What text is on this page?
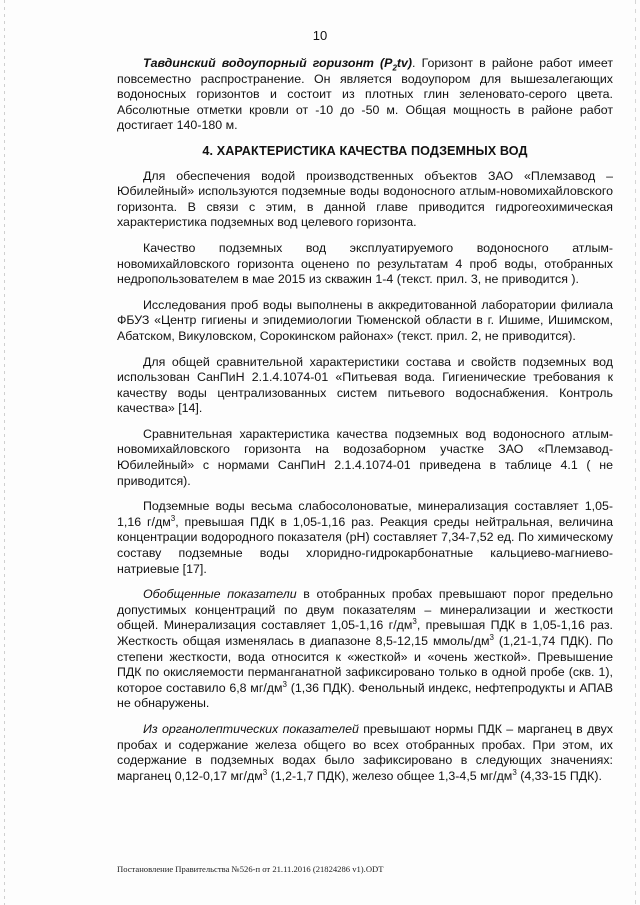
10

Тавдинский водоупорный горизонт $(P_2tv)$. Горизонт в районе работ имеет повсеместно распространение. Он является водоупором для вышезалегающих водоносных горизонтов и состоит из плотных глин зеленовато-серого цвета. Абсолютные отметки кровли от -10 до -50 м. Общая мощность в районе работ достигает 140-180 м.

4. ХАРАКТЕРИСТИКА КАЧЕСТВА ПОДЗЕМНЫХ ВОД

Для обеспечения водой производственных объектов ЗАО «Племзавод – Юбилейный» используются подземные воды водоносного атлым-новомихайловского горизонта. В связи с этим, в данной главе приводится гидрогеохимическая характеристика подземных вод целевого горизонта.

Качество подземных вод эксплуатируемого водоносного атлым-новомихайловского горизонта оценено по результатам 4 проб воды, отобранных недропользователем в мае 2015 из скважин 1-4 (текст. прил. 3, не приводится ).

Исследования проб воды выполнены в аккредитованной лаборатории филиала ФБУЗ «Центр гигиены и эпидемиологии Тюменской области в г. Ишиме, Ишимском, Абатском, Викуловском, Сорокинском районах» (текст. прил. 2, не приводится).

Для общей сравнительной характеристики состава и свойств подземных вод использован СанПиН 2.1.4.1074-01 «Питьевая вода. Гигиенические требования к качеству воды централизованных систем питьевого водоснабжения. Контроль качества» [14].

Сравнительная характеристика качества подземных вод водоносного атлым-новомихайловского горизонта на водозаборном участке ЗАО «Племзавод-Юбилейный» с нормами СанПиН 2.1.4.1074-01 приведена в таблице 4.1 ( не приводится).

Подземные воды весьма слабосолоноватые, минерализация составляет 1,05-1,16 $г/дм^3$, превышая ПДК в 1,05-1,16 раз. Реакция среды нейтральная, величина концентрации водородного показателя (pH) составляет 7,34-7,52 ед. По химическому составу подземные воды хлоридно-гидрокарбонатные кальциево-магниево-натриевые [17].

Обобщенные показатели в отобранных пробах превышают порог предельно допустимых концентраций по двум показателям – минерализации и жесткости общей. Минерализация составляет 1,05-1,16 $г/дм^3$, превышая ПДК в 1,05-1,16 раз. Жесткость общая изменялась в диапазоне 8,5-12,15 ммоль/$дм^3$ (1,21-1,74 ПДК). По степени жесткости, вода относится к «жесткой» и «очень жесткой». Превышение ПДК по окисляемости перманганатной зафиксировано только в одной пробе (скв. 1), которое составило 6,8 $мг/дм^3$ (1,36 ПДК). Фенольный индекс, нефтепродукты и АПАВ не обнаружены.

Из органолептических показателей превышают нормы ПДК – марганец в двух пробах и содержание железа общего во всех отобранных пробах. При этом, их содержание в подземных водах было зафиксировано в следующих значениях: марганец 0,12-0,17 $мг/дм^3$ (1,2-1,7 ПДК), железо общее 1,3-4,5 $мг/дм^3$ (4,33-15 ПДК).

Постановление Правительства №526-п от 21.11.2016 (21824286 v1).ODT
